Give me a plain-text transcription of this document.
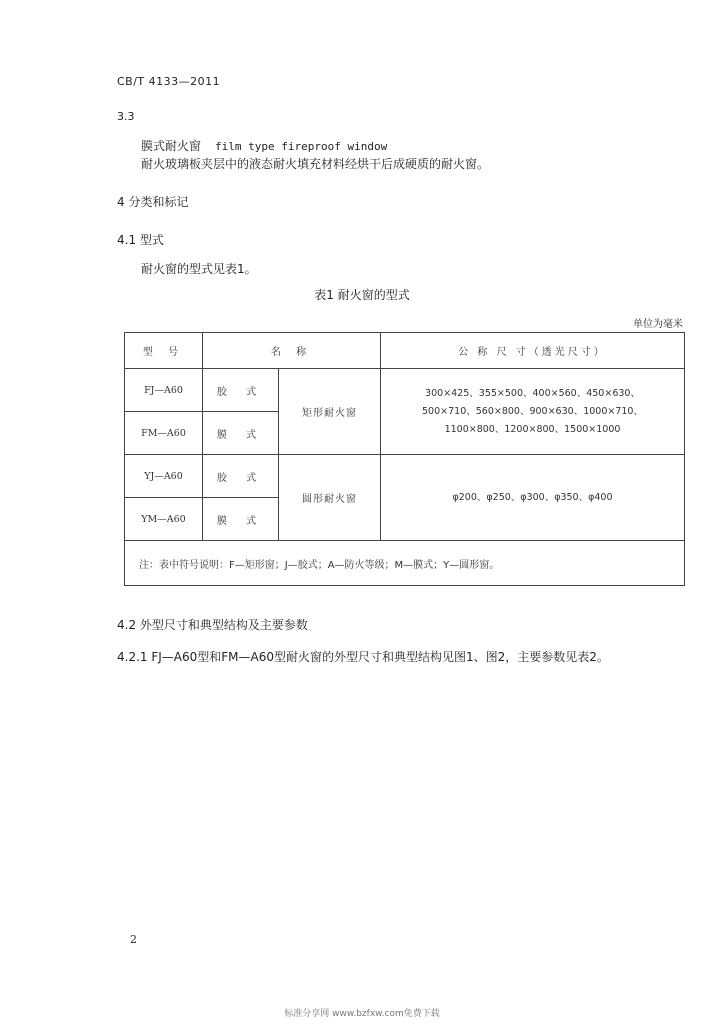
CB/T 4133—2011
3.3
膜式耐火窗 film type fireproof window
耐火玻璃板夹层中的液态耐火填充材料经烘干后成硬质的耐火窗。
4 分类和标记
4.1 型式
耐火窗的型式见表1。
表1 耐火窗的型式
单位为毫米
型 号	名 称		公 称 尺 寸（透光尺寸）
FJ—A60	胶 式	矩形耐火窗	300×425、355×500、400×560、450×630、
500×710、560×800、900×630、1000×710、
1100×800、1200×800、1500×1000

FM—A60	膜 式		
YJ—A60	胶 式	圆形耐火窗	φ200、φ250、φ300、φ350、φ400
YM—A60	膜 式		
注：表中符号说明：F—矩形窗；J—胶式；A—防火等级；M—膜式；Y—圆形窗。			
4.2 外型尺寸和典型结构及主要参数
4.2.1 FJ—A60型和FM—A60型耐火窗的外型尺寸和典型结构见图1、图2，主要参数见表2。
2
标准分享网 www.bzfxw.com免费下载
